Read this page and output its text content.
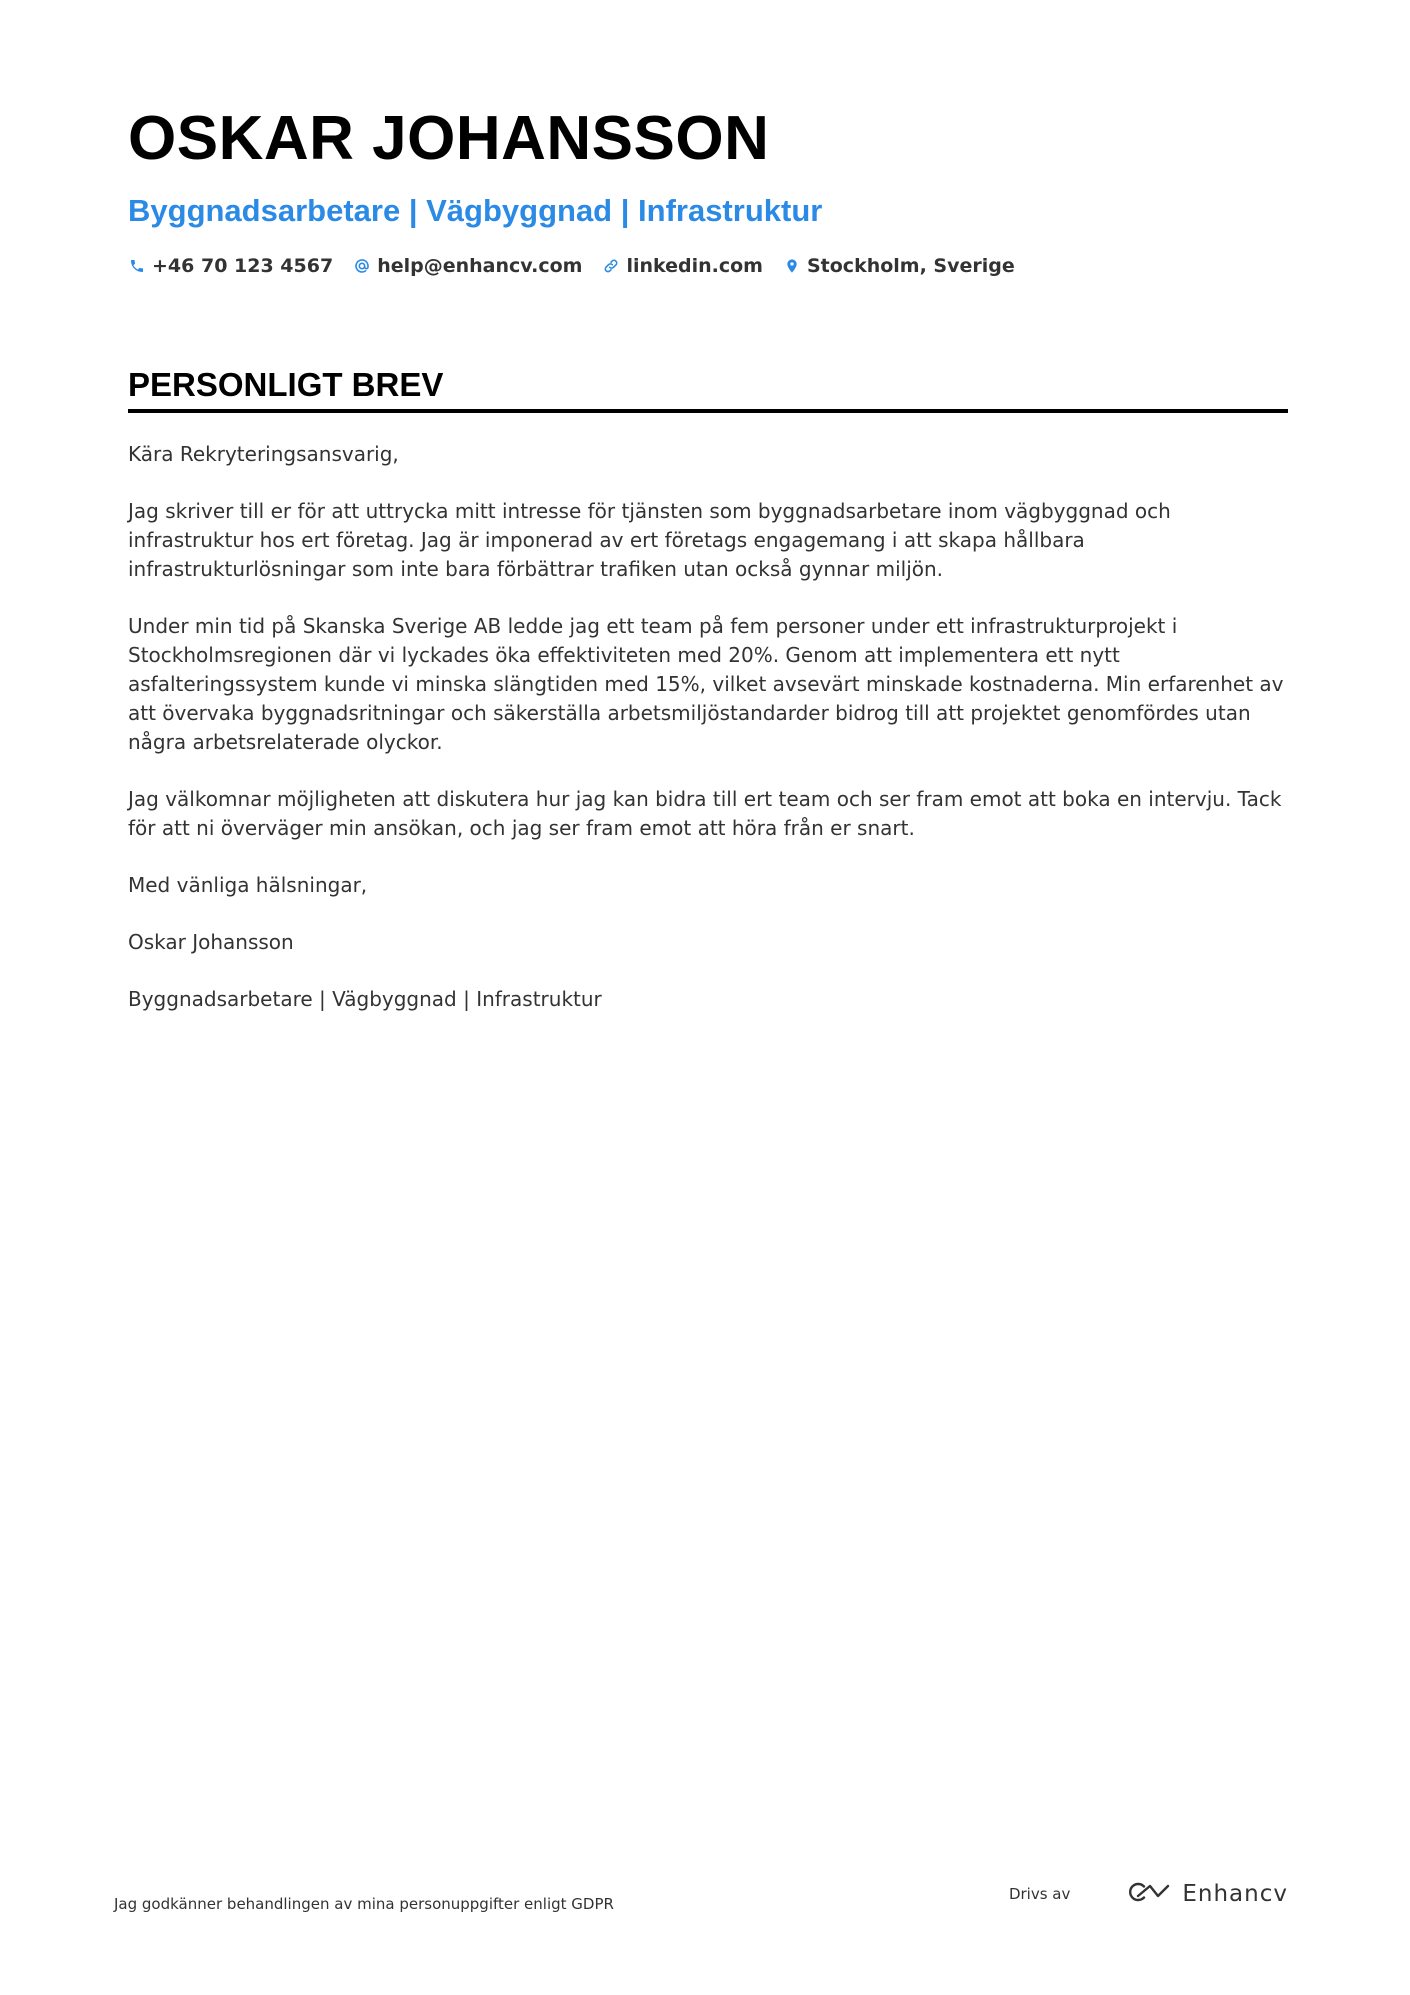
OSKAR JOHANSSON
Byggnadsarbetare | Vägbyggnad | Infrastruktur
+46 70 123 4567 help@enhancv.com linkedin.com Stockholm, Sverige
PERSONLIGT BREV

Kära Rekryteringsansvarig,

Jag skriver till er för att uttrycka mitt intresse för tjänsten som byggnadsarbetare inom vägbyggnad och infrastruktur hos ert företag. Jag är imponerad av ert företags engagemang i att skapa hållbara infrastrukturlösningar som inte bara förbättrar trafiken utan också gynnar miljön.

Under min tid på Skanska Sverige AB ledde jag ett team på fem personer under ett infrastrukturprojekt i Stockholmsregionen där vi lyckades öka effektiviteten med 20%. Genom att implementera ett nytt asfalteringssystem kunde vi minska slängtiden med 15%, vilket avsevärt minskade kostnaderna. Min erfarenhet av att övervaka byggnadsritningar och säkerställa arbetsmiljöstandarder bidrog till att projektet genomfördes utan några arbetsrelaterade olyckor.

Jag välkomnar möjligheten att diskutera hur jag kan bidra till ert team och ser fram emot att boka en intervju. Tack för att ni överväger min ansökan, och jag ser fram emot att höra från er snart.

Med vänliga hälsningar,

Oskar Johansson

Byggnadsarbetare | Vägbyggnad | Infrastruktur

Jag godkänner behandlingen av mina personuppgifter enligt GDPR
Drivs av	Enhancv
